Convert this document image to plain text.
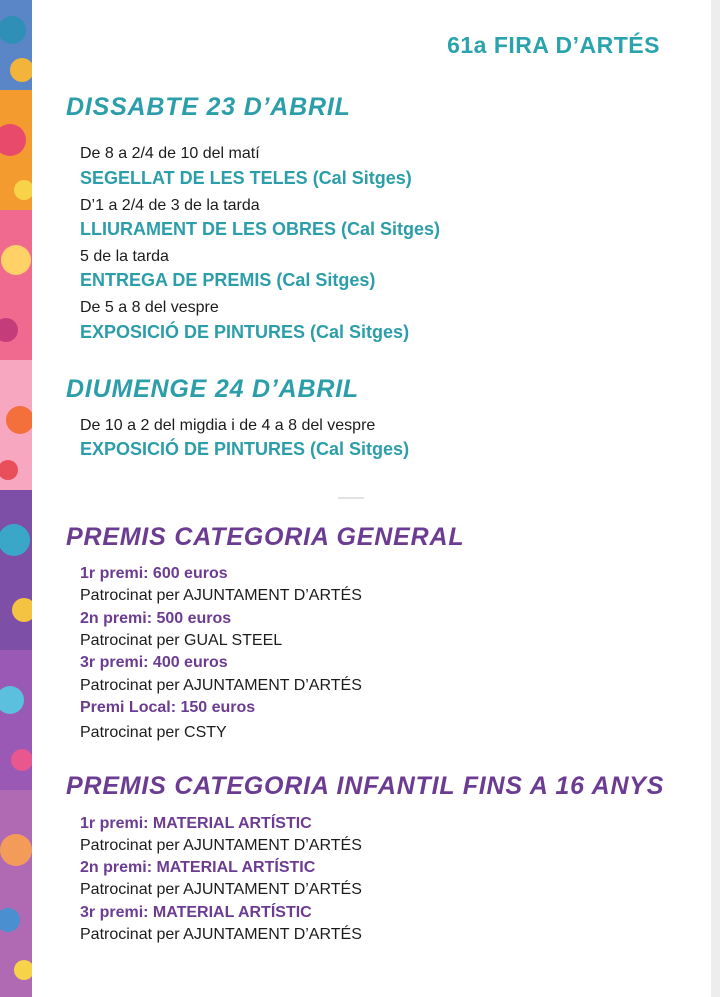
61a FIRA D’ARTÉS
DISSABTE 23 D’ABRIL

De 8 a 2/4 de 10 del matí

SEGELLAT DE LES TELES (Cal Sitges)

D’1 a 2/4 de 3 de la tarda

LLIURAMENT DE LES OBRES (Cal Sitges)

5 de la tarda

ENTREGA DE PREMIS (Cal Sitges)

De 5 a 8 del vespre

EXPOSICIÓ DE PINTURES (Cal Sitges)

DIUMENGE 24 D’ABRIL

De 10 a 2 del migdia i de 4 a 8 del vespre

EXPOSICIÓ DE PINTURES (Cal Sitges)

PREMIS CATEGORIA GENERAL

1r premi: 600 euros

Patrocinat per AJUNTAMENT D’ARTÉS

2n premi: 500 euros

Patrocinat per GUAL STEEL

3r premi: 400 euros

Patrocinat per AJUNTAMENT D’ARTÉS

Premi Local: 150 euros

Patrocinat per CSTY

PREMIS CATEGORIA INFANTIL FINS A 16 ANYS

1r premi: MATERIAL ARTÍSTIC

Patrocinat per AJUNTAMENT D’ARTÉS

2n premi: MATERIAL ARTÍSTIC

Patrocinat per AJUNTAMENT D’ARTÉS

3r premi: MATERIAL ARTÍSTIC

Patrocinat per AJUNTAMENT D’ARTÉS
